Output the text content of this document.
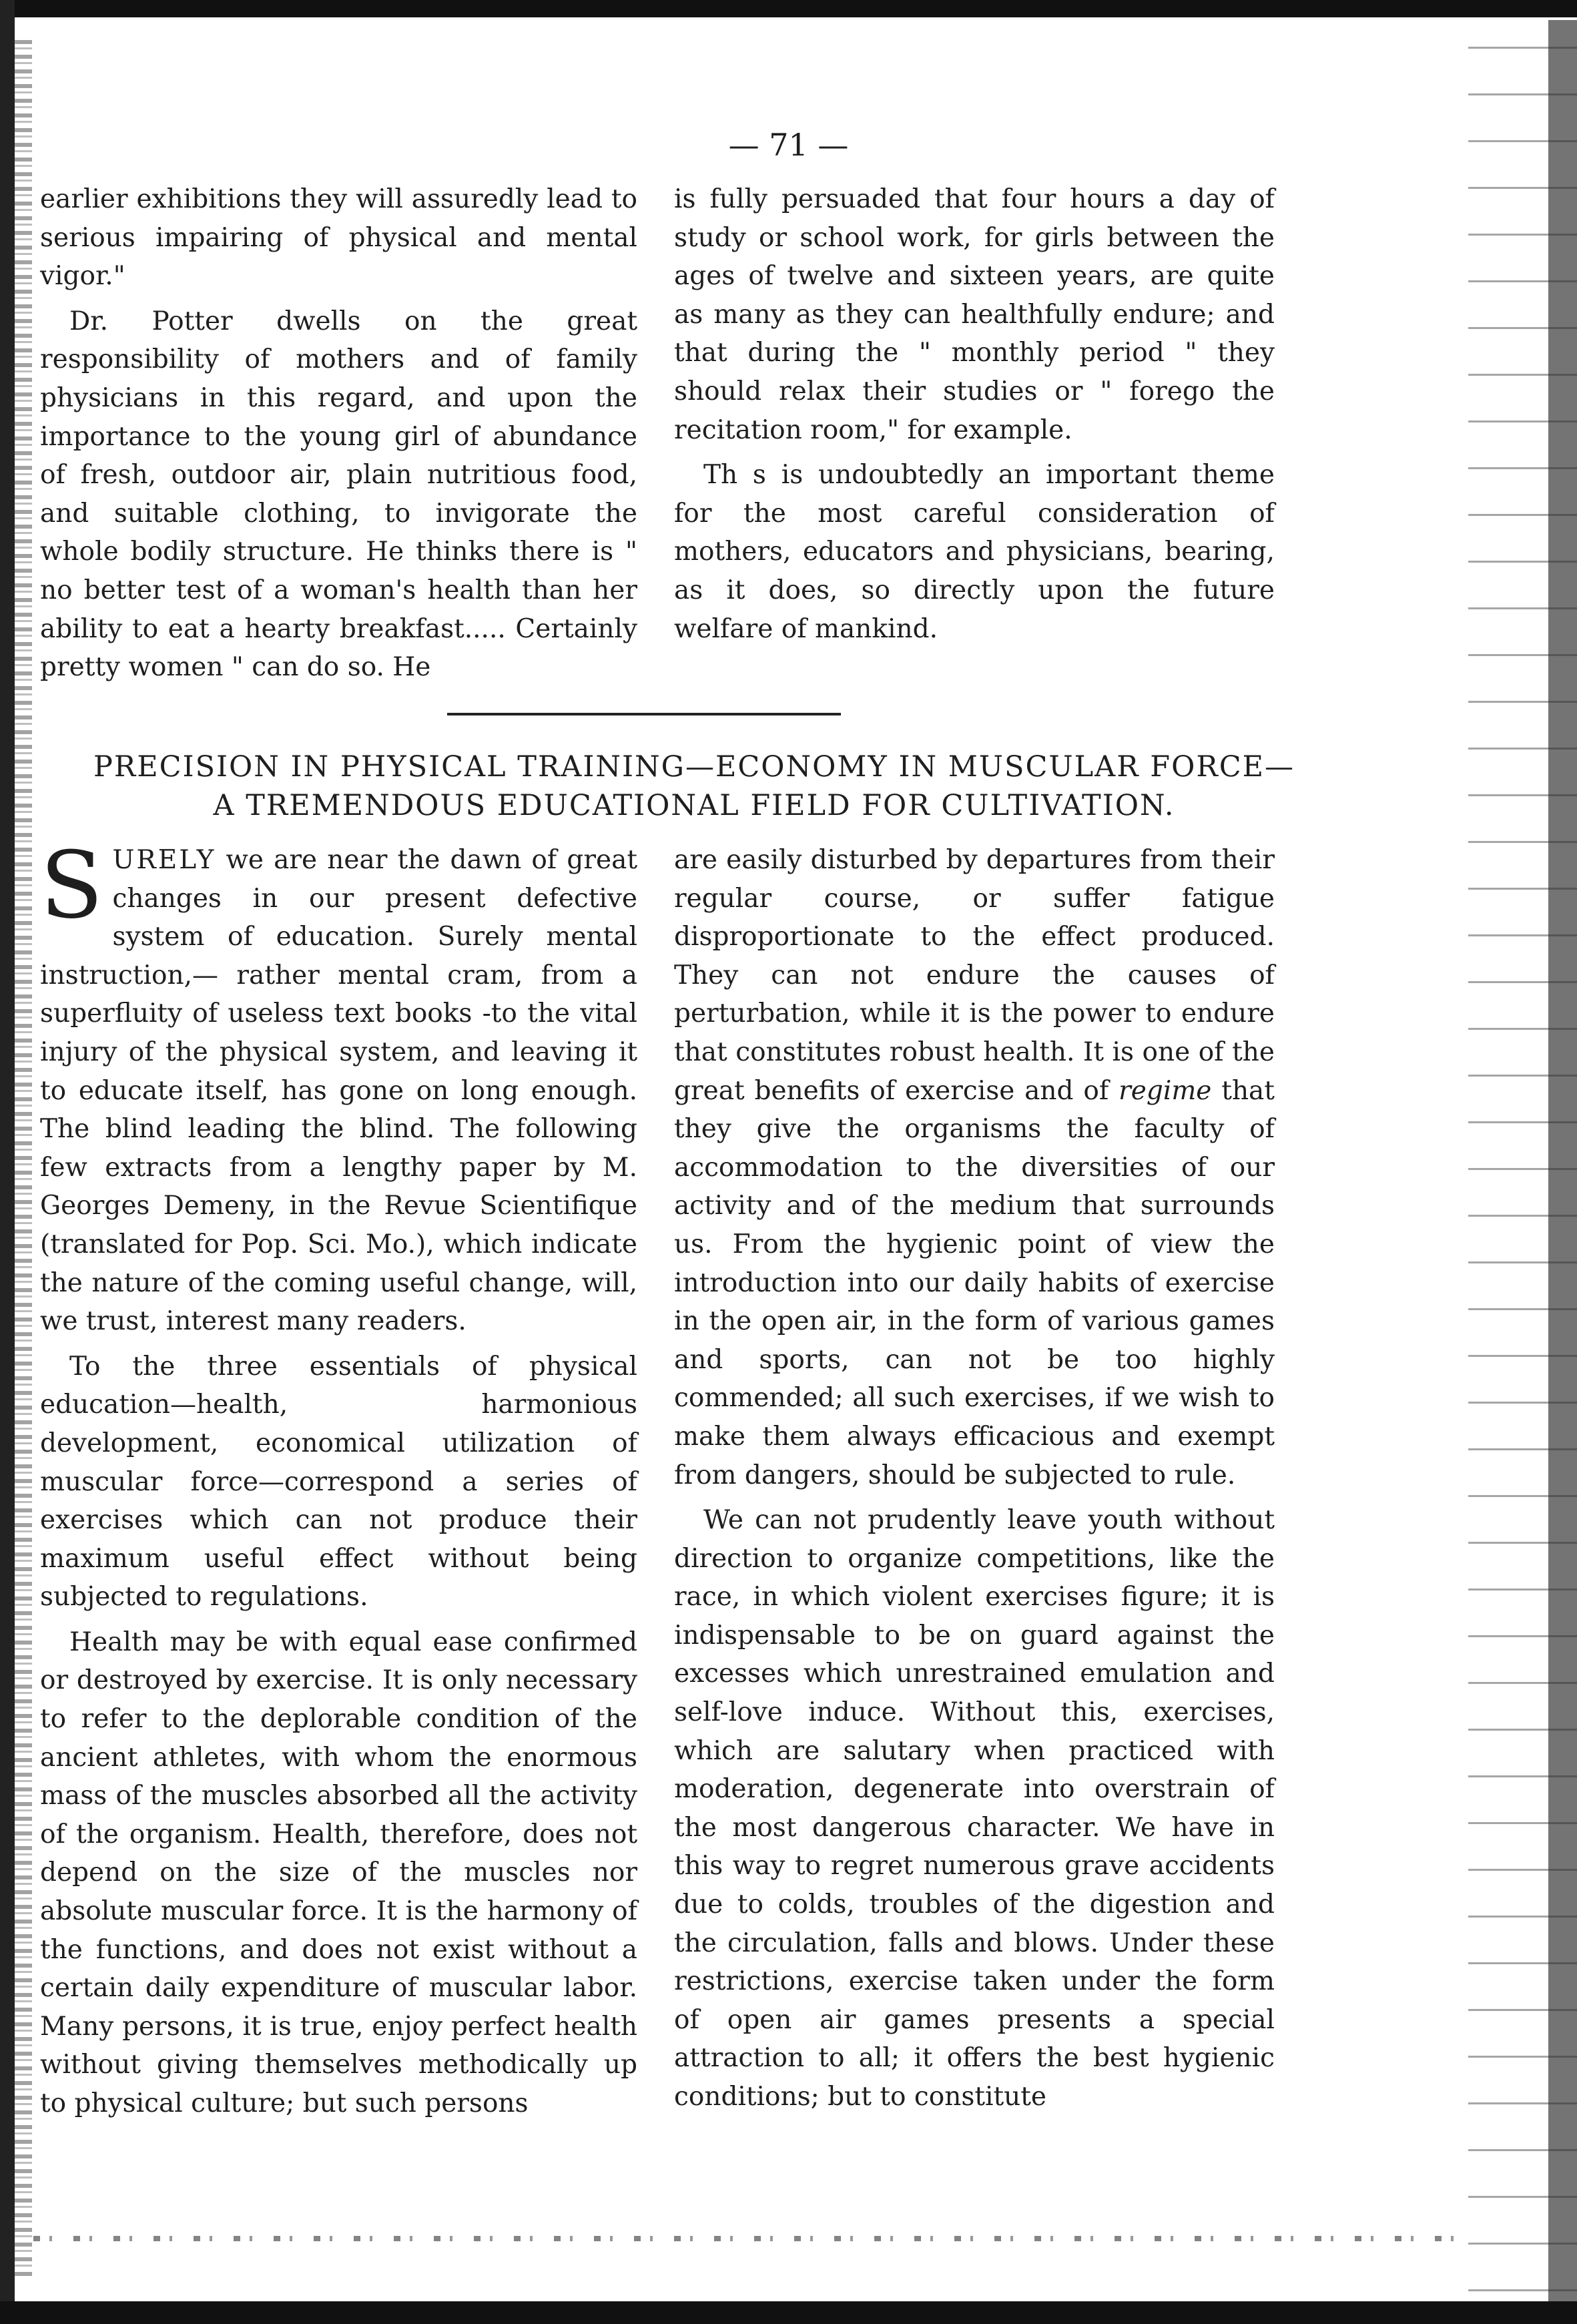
— 71 —

earlier exhibitions they will assuredly lead to serious impairing of physical and mental vigor."

Dr. Potter dwells on the great responsibility of mothers and of family physicians in this regard, and upon the importance to the young girl of abundance of fresh, outdoor air, plain nutritious food, and suitable clothing, to invigorate the whole bodily structure. He thinks there is " no better test of a woman's health than her ability to eat a hearty breakfast..... Certainly pretty women " can do so. He

is fully persuaded that four hours a day of study or school work, for girls between the ages of twelve and sixteen years, are quite as many as they can healthfully endure; and that during the " monthly period " they should relax their studies or " forego the recitation room," for example.

Th s is undoubtedly an important theme for the most careful consideration of mothers, educators and physicians, bearing, as it does, so directly upon the future welfare of mankind.

PRECISION IN PHYSICAL TRAINING—ECONOMY IN MUSCULAR FORCE—
A TREMENDOUS EDUCATIONAL FIELD FOR CULTIVATION.

SURELY we are near the dawn of great changes in our present defective system of education. Surely mental instruction,— rather mental cram, from a superfluity of useless text books -to the vital injury of the physical system, and leaving it to educate itself, has gone on long enough. The blind leading the blind. The following few extracts from a lengthy paper by M. Georges Demeny, in the Revue Scientifique (translated for Pop. Sci. Mo.), which indicate the nature of the coming useful change, will, we trust, interest many readers.

To the three essentials of physical education—health, harmonious development, economical utilization of muscular force—correspond a series of exercises which can not produce their maximum useful effect without being subjected to regulations.

Health may be with equal ease confirmed or destroyed by exercise. It is only necessary to refer to the deplorable condition of the ancient athletes, with whom the enormous mass of the muscles absorbed all the activity of the organism. Health, therefore, does not depend on the size of the muscles nor absolute muscular force. It is the harmony of the functions, and does not exist without a certain daily expenditure of muscular labor. Many persons, it is true, enjoy perfect health without giving themselves methodically up to physical culture; but such persons

are easily disturbed by departures from their regular course, or suffer fatigue disproportionate to the effect produced. They can not endure the causes of perturbation, while it is the power to endure that constitutes robust health. It is one of the great benefits of exercise and of regime that they give the organisms the faculty of accommodation to the diversities of our activity and of the medium that surrounds us. From the hygienic point of view the introduction into our daily habits of exercise in the open air, in the form of various games and sports, can not be too highly commended; all such exercises, if we wish to make them always efficacious and exempt from dangers, should be subjected to rule.

We can not prudently leave youth without direction to organize competitions, like the race, in which violent exercises figure; it is indispensable to be on guard against the excesses which unrestrained emulation and self-love induce. Without this, exercises, which are salutary when practiced with moderation, degenerate into overstrain of the most dangerous character. We have in this way to regret numerous grave accidents due to colds, troubles of the digestion and the circulation, falls and blows. Under these restrictions, exercise taken under the form of open air games presents a special attraction to all; it offers the best hygienic conditions; but to constitute
